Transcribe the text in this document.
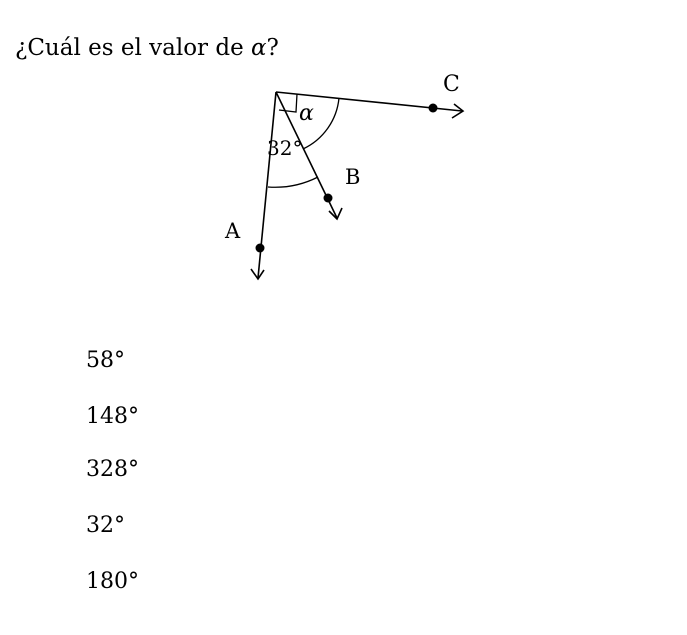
¿Cuál es el valor de α?
C
B
A
α
32°
58°
148°
328°
32°
180°
